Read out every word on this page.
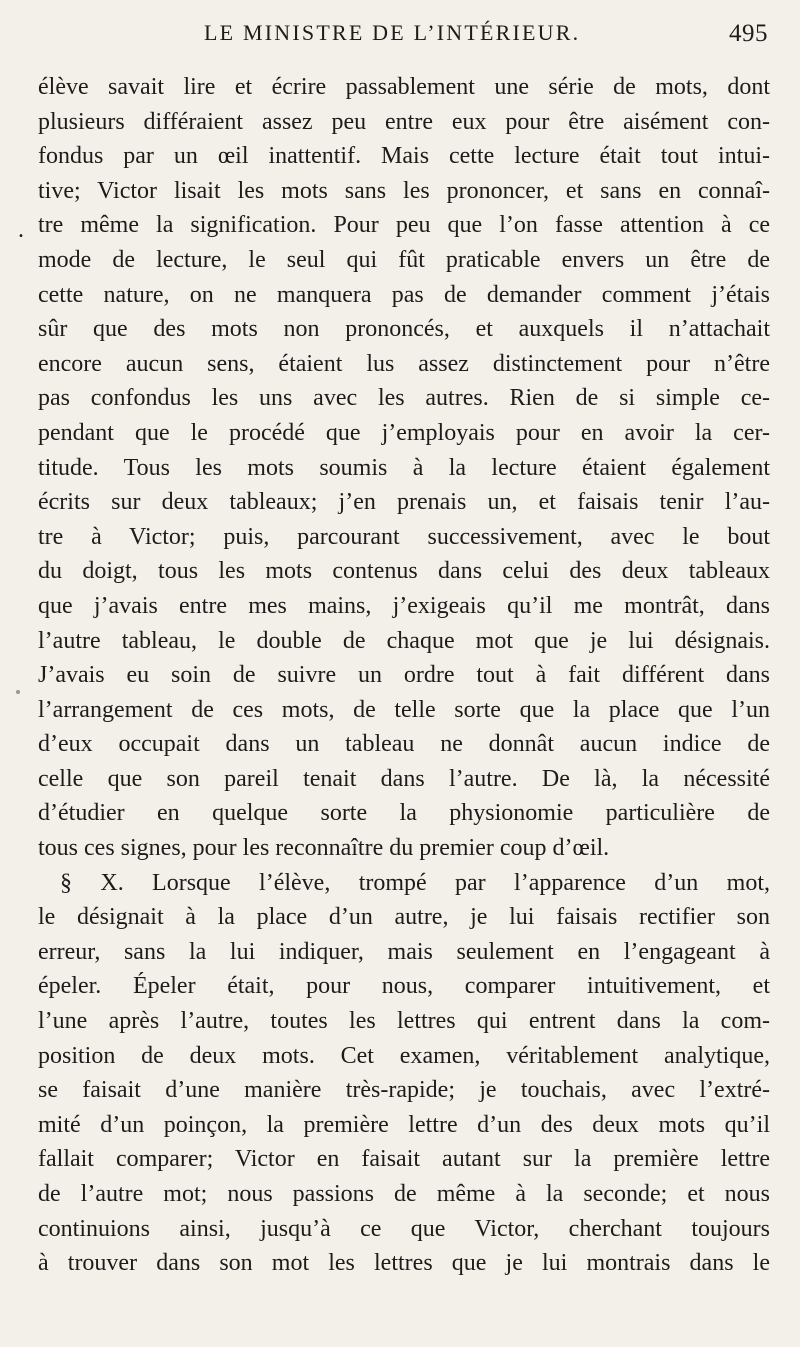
LE MINISTRE DE L’INTÉRIEUR.	495
.
élève savait lire et écrire passablement une série de mots, dont
plusieurs différaient assez peu entre eux pour être aisément con-
fondus par un œil inattentif. Mais cette lecture était tout intui-
tive; Victor lisait les mots sans les prononcer, et sans en connaî-
tre même la signification. Pour peu que l’on fasse attention à ce
mode de lecture, le seul qui fût praticable envers un être de
cette nature, on ne manquera pas de demander comment j’étais
sûr que des mots non prononcés, et auxquels il n’attachait
encore aucun sens, étaient lus assez distinctement pour n’être
pas confondus les uns avec les autres. Rien de si simple ce-
pendant que le procédé que j’employais pour en avoir la cer-
titude. Tous les mots soumis à la lecture étaient également
écrits sur deux tableaux; j’en prenais un, et faisais tenir l’au-
tre à Victor; puis, parcourant successivement, avec le bout
du doigt, tous les mots contenus dans celui des deux tableaux
que j’avais entre mes mains, j’exigeais qu’il me montrât, dans
l’autre tableau, le double de chaque mot que je lui désignais.
J’avais eu soin de suivre un ordre tout à fait différent dans
l’arrangement de ces mots, de telle sorte que la place que l’un
d’eux occupait dans un tableau ne donnât aucun indice de
celle que son pareil tenait dans l’autre. De là, la nécessité
d’étudier en quelque sorte la physionomie particulière de
tous ces signes, pour les reconnaître du premier coup d’œil.
§ X. Lorsque l’élève, trompé par l’apparence d’un mot,
le désignait à la place d’un autre, je lui faisais rectifier son
erreur, sans la lui indiquer, mais seulement en l’engageant à
épeler. Épeler était, pour nous, comparer intuitivement, et
l’une après l’autre, toutes les lettres qui entrent dans la com-
position de deux mots. Cet examen, véritablement analytique,
se faisait d’une manière très-rapide; je touchais, avec l’extré-
mité d’un poinçon, la première lettre d’un des deux mots qu’il
fallait comparer; Victor en faisait autant sur la première lettre
de l’autre mot; nous passions de même à la seconde; et nous
continuions ainsi, jusqu’à ce que Victor, cherchant toujours
à trouver dans son mot les lettres que je lui montrais dans le
